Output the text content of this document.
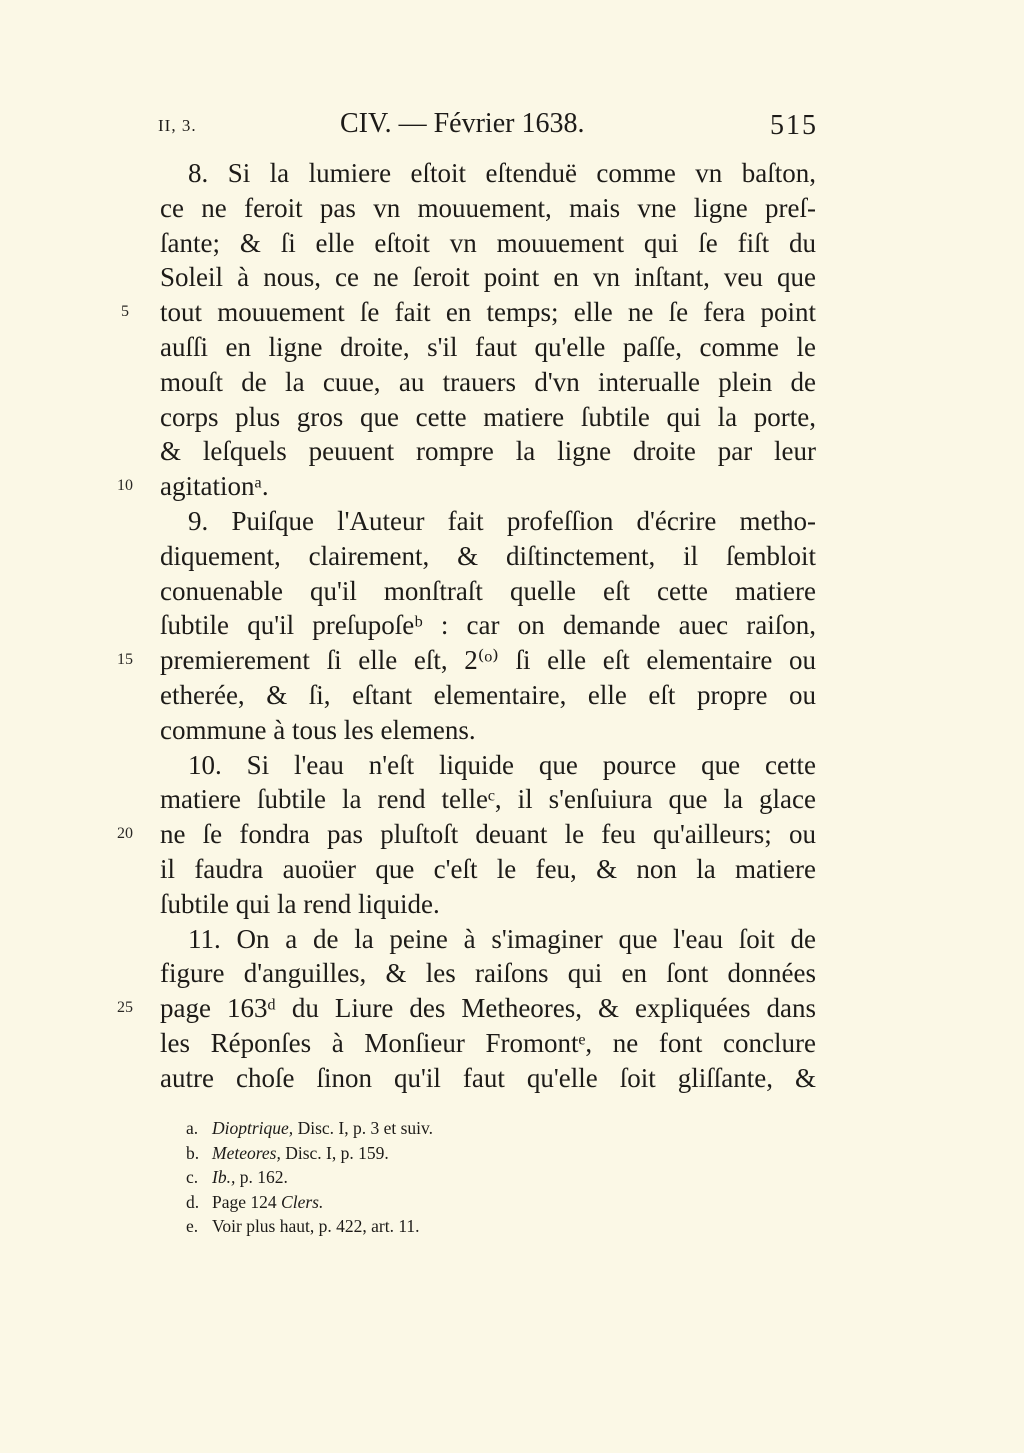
II, 3.	CIV. — Février 1638.	515
8. Si la lumiere eſtoit eſtenduë comme vn baſton,
ce ne feroit pas vn mouuement, mais vne ligne preſ-
ſante; & ſi elle eſtoit vn mouuement qui ſe fiſt du
Soleil à nous, ce ne ſeroit point en vn inſtant, veu que
5	tout mouuement ſe fait en temps; elle ne ſe fera point
auſſi en ligne droite, s'il faut qu'elle paſſe, comme le
mouſt de la cuue, au trauers d'vn interualle plein de
corps plus gros que cette matiere ſubtile qui la porte,
& leſquels peuuent rompre la ligne droite par leur
10 agitationᵃ.
9. Puiſque l'Auteur fait profeſſion d'écrire metho-
diquement, clairement, & diſtinctement, il ſembloit
conuenable qu'il monſtraſt quelle eſt cette matiere
ſubtile qu'il preſupoſeᵇ : car on demande auec raiſon,
15 premierement ſi elle eſt, 2⁽ᵒ⁾ ſi elle eſt elementaire ou
etherée, & ſi, eſtant elementaire, elle eſt propre ou
commune à tous les elemens.
10. Si l'eau n'eſt liquide que pource que cette
matiere ſubtile la rend telleᶜ, il s'enſuiura que la glace
20 ne ſe fondra pas pluſtoſt deuant le feu qu'ailleurs; ou
il faudra auoüer que c'eſt le feu, & non la matiere
ſubtile qui la rend liquide.
11. On a de la peine à s'imaginer que l'eau ſoit de
figure d'anguilles, & les raiſons qui en ſont données
25 page 163ᵈ du Liure des Metheores, & expliquées dans
les Réponſes à Monſieur Fromontᵉ, ne font conclure
autre choſe ſinon qu'il faut qu'elle ſoit gliſſante, &
a. Dioptrique, Disc. I, p. 3 et suiv.
b. Meteores, Disc. I, p. 159.
c. Ib., p. 162.
d. Page 124 Clers.
e. Voir plus haut, p. 422, art. 11.
